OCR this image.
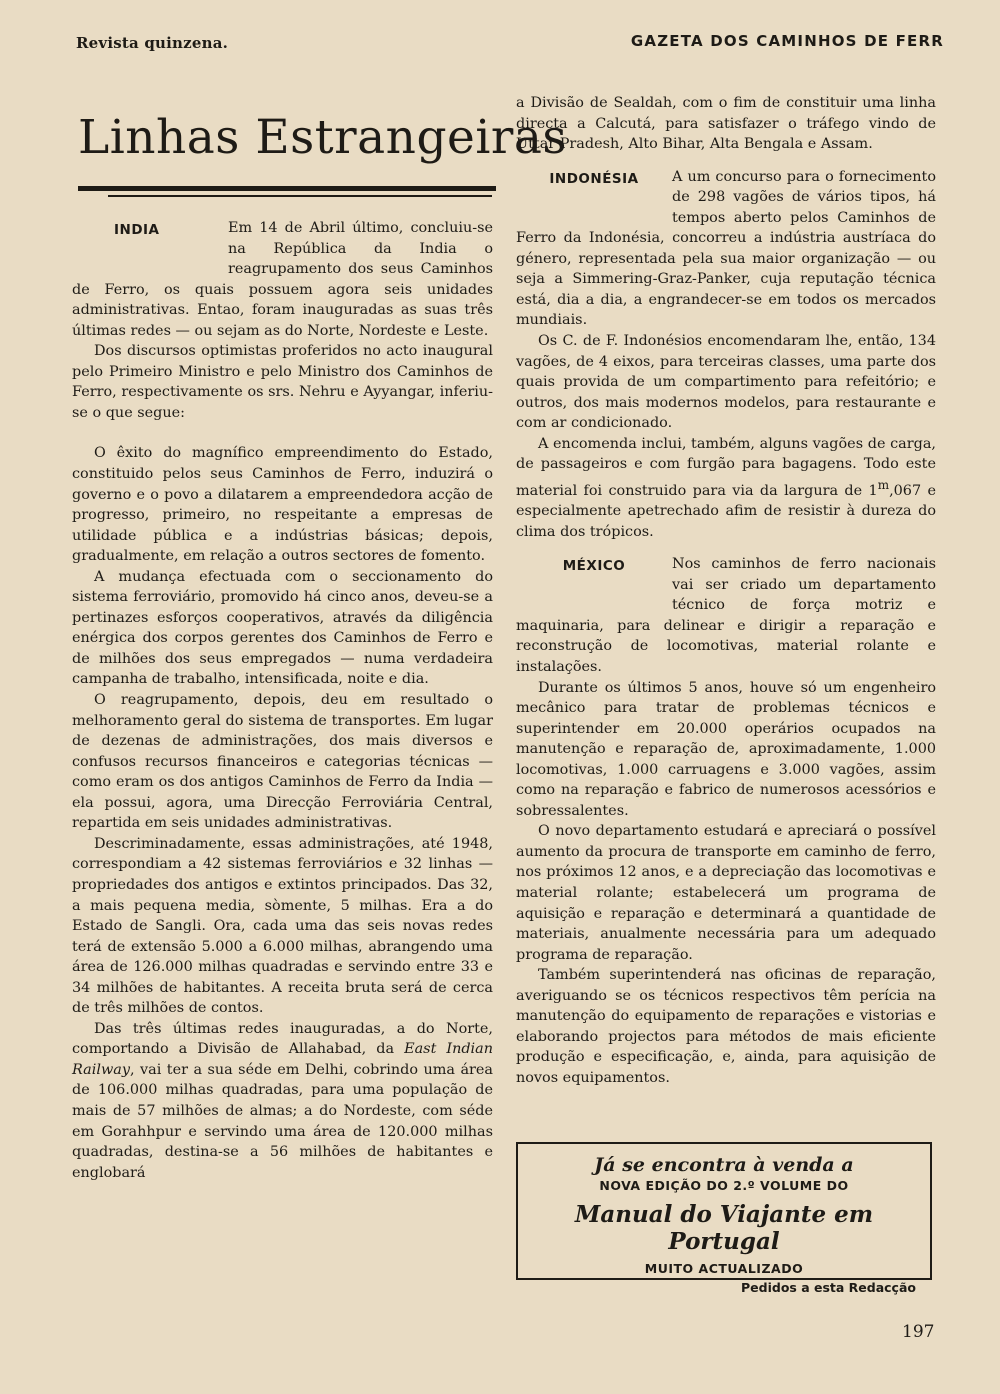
Revista quinzena.	GAZETA DOS CAMINHOS DE FERR
Linhas Estrangeiras

INDIA	Em 14 de Abril último, concluiu-se na República da India o reagrupamento dos seus Caminhos de Ferro, os quais possuem agora seis unidades administrativas. Entao, foram inauguradas as suas três últimas redes — ou sejam as do Norte, Nordeste e Leste.

Dos discursos optimistas proferidos no acto inaugural pelo Primeiro Ministro e pelo Ministro dos Caminhos de Ferro, respectivamente os srs. Nehru e Ayyangar, inferiu-se o que segue:

O êxito do magnífico empreendimento do Estado, constituido pelos seus Caminhos de Ferro, induzirá o governo e o povo a dilatarem a empreendedora acção de progresso, primeiro, no respeitante a empresas de utilidade pública e a indústrias básicas; depois, gradualmente, em relação a outros sectores de fomento.

A mudança efectuada com o seccionamento do sistema ferroviário, promovido há cinco anos, deveu-se a pertinazes esforços cooperativos, através da diligência enérgica dos corpos gerentes dos Caminhos de Ferro e de milhões dos seus empregados — numa verdadeira campanha de trabalho, intensificada, noite e dia.

O reagrupamento, depois, deu em resultado o melhoramento geral do sistema de transportes. Em lugar de dezenas de administrações, dos mais diversos e confusos recursos financeiros e categorias técnicas — como eram os dos antigos Caminhos de Ferro da India — ela possui, agora, uma Direcção Ferroviária Central, repartida em seis unidades administrativas.

Descriminadamente, essas administrações, até 1948, correspondiam a 42 sistemas ferroviários e 32 linhas — propriedades dos antigos e extintos principados. Das 32, a mais pequena media, sòmente, 5 milhas. Era a do Estado de Sangli. Ora, cada uma das seis novas redes terá de extensão 5.000 a 6.000 milhas, abrangendo uma área de 126.000 milhas quadradas e servindo entre 33 e 34 milhões de habitantes. A receita bruta será de cerca de três milhões de contos.

Das três últimas redes inauguradas, a do Norte, comportando a Divisão de Allahabad, da East Indian Railway, vai ter a sua séde em Delhi, cobrindo uma área de 106.000 milhas quadradas, para uma população de mais de 57 milhões de almas; a do Nordeste, com séde em Gorahhpur e servindo uma área de 120.000 milhas quadradas, destina-se a 56 milhões de habitantes e englobará

a Divisão de Sealdah, com o fim de constituir uma linha directa a Calcutá, para satisfazer o tráfego vindo de Uttar Pradesh, Alto Bihar, Alta Bengala e Assam.

INDONÉSIA	A um concurso para o fornecimento de 298 vagões de vários tipos, há tempos aberto pelos Caminhos de Ferro da Indonésia, concorreu a indústria austríaca do género, representada pela sua maior organização — ou seja a Simmering-Graz-Panker, cuja reputação técnica está, dia a dia, a engrandecer-se em todos os mercados mundiais.

Os C. de F. Indonésios encomendaram lhe, então, 134 vagões, de 4 eixos, para terceiras classes, uma parte dos quais provida de um compartimento para refeitório; e outros, dos mais modernos modelos, para restaurante e com ar condicionado.

A encomenda inclui, também, alguns vagões de carga, de passageiros e com furgão para bagagens. Todo este material foi construido para via da largura de 1$^m$,067 e especialmente apetrechado afim de resistir à dureza do clima dos trópicos.

MÉXICO	Nos caminhos de ferro nacionais vai ser criado um departamento técnico de força motriz e maquinaria, para delinear e dirigir a reparação e reconstrução de locomotivas, material rolante e instalações.

Durante os últimos 5 anos, houve só um engenheiro mecânico para tratar de problemas técnicos e superintender em 20.000 operários ocupados na manutenção e reparação de, aproximadamente, 1.000 locomotivas, 1.000 carruagens e 3.000 vagões, assim como na reparação e fabrico de numerosos acessórios e sobressalentes.

O novo departamento estudará e apreciará o possível aumento da procura de transporte em caminho de ferro, nos próximos 12 anos, e a depreciação das locomotivas e material rolante; estabelecerá um programa de aquisição e reparação e determinará a quantidade de materiais, anualmente necessária para um adequado programa de reparação.

Também superintenderá nas oficinas de reparação, averiguando se os técnicos respectivos têm perícia na manutenção do equipamento de reparações e vistorias e elaborando projectos para métodos de mais eficiente produção e especificação, e, ainda, para aquisição de novos equipamentos.

Já se encontra à venda a
NOVA EDIÇÃO DO 2.º VOLUME DO
Manual do Viajante em Portugal
MUITO ACTUALIZADO
Pedidos a esta Redacção
197
